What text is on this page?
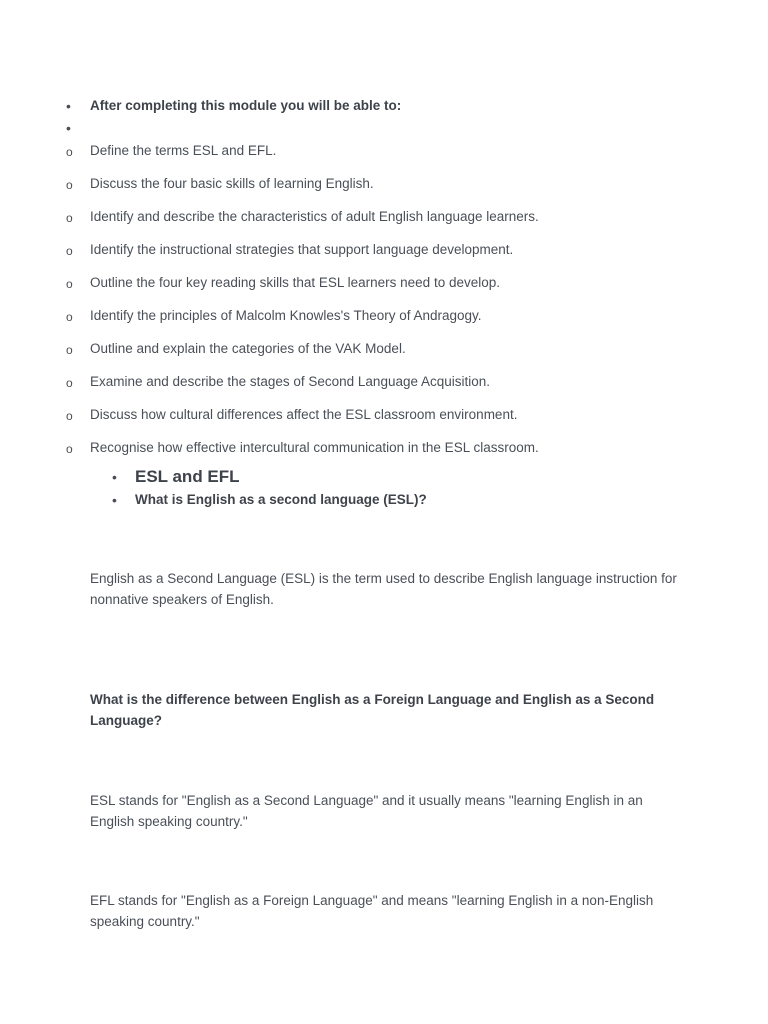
•	After completing this module you will be able to:
•
o	Define the terms ESL and EFL.
o	Discuss the four basic skills of learning English.
o	Identify and describe the characteristics of adult English language learners.
o	Identify the instructional strategies that support language development.
o	Outline the four key reading skills that ESL learners need to develop.
o	Identify the principles of Malcolm Knowles's Theory of Andragogy.
o	Outline and explain the categories of the VAK Model.
o	Examine and describe the stages of Second Language Acquisition.
o	Discuss how cultural differences affect the ESL classroom environment.
o	Recognise how effective intercultural communication in the ESL classroom.
• ESL and EFL
• What is English as a second language (ESL)?
English as a Second Language (ESL) is the term used to describe English language instruction for nonnative speakers of English.
What is the difference between English as a Foreign Language and English as a Second Language?
ESL stands for "English as a Second Language" and it usually means "learning English in an English speaking country."
EFL stands for "English as a Foreign Language" and means "learning English in a non-English speaking country."
